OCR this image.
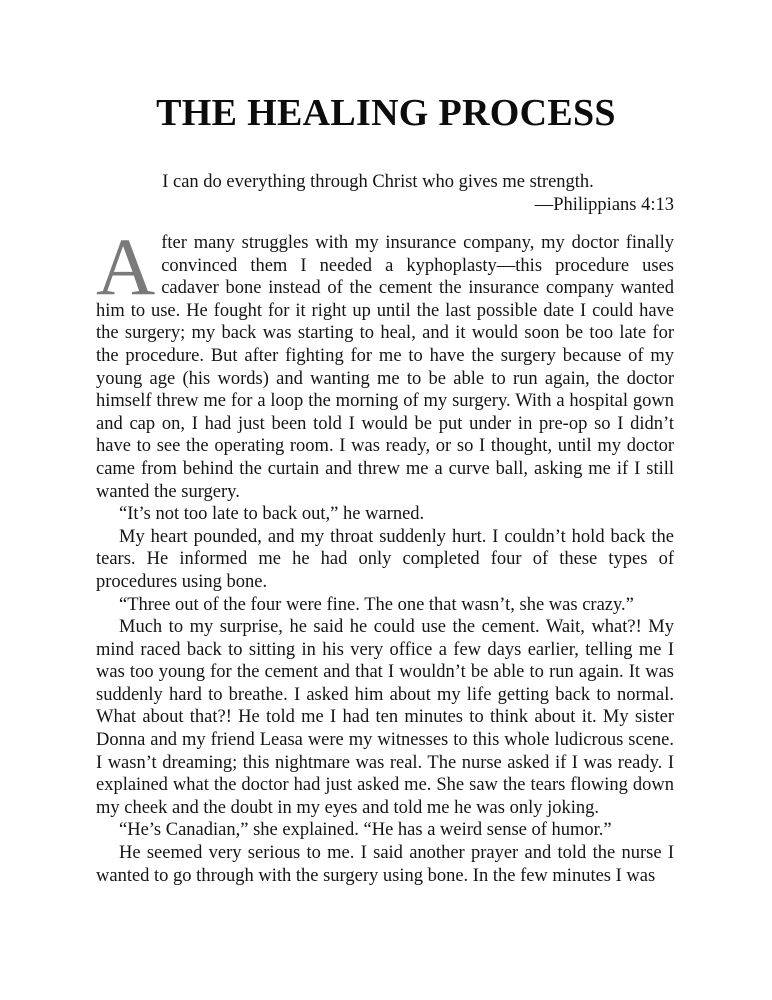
THE HEALING PROCESS
I can do everything through Christ who gives me strength.
—Philippians 4:13

After many struggles with my insurance company, my doctor finally convinced them I needed a kyphoplasty—this procedure uses cadaver bone instead of the cement the insurance company wanted him to use. He fought for it right up until the last possible date I could have the surgery; my back was starting to heal, and it would soon be too late for the procedure. But after fighting for me to have the surgery because of my young age (his words) and wanting me to be able to run again, the doctor himself threw me for a loop the morning of my surgery. With a hospital gown and cap on, I had just been told I would be put under in pre-op so I didn’t have to see the operating room. I was ready, or so I thought, until my doctor came from behind the curtain and threw me a curve ball, asking me if I still wanted the surgery.

“It’s not too late to back out,” he warned.

My heart pounded, and my throat suddenly hurt. I couldn’t hold back the tears. He informed me he had only completed four of these types of procedures using bone.

“Three out of the four were fine. The one that wasn’t, she was crazy.”

Much to my surprise, he said he could use the cement. Wait, what?! My mind raced back to sitting in his very office a few days earlier, telling me I was too young for the cement and that I wouldn’t be able to run again. It was suddenly hard to breathe. I asked him about my life getting back to normal. What about that?! He told me I had ten minutes to think about it. My sister Donna and my friend Leasa were my witnesses to this whole ludicrous scene. I wasn’t dreaming; this nightmare was real. The nurse asked if I was ready. I explained what the doctor had just asked me. She saw the tears flowing down my cheek and the doubt in my eyes and told me he was only joking.

“He’s Canadian,” she explained. “He has a weird sense of humor.”

He seemed very serious to me. I said another prayer and told the nurse I wanted to go through with the surgery using bone. In the few minutes I was
